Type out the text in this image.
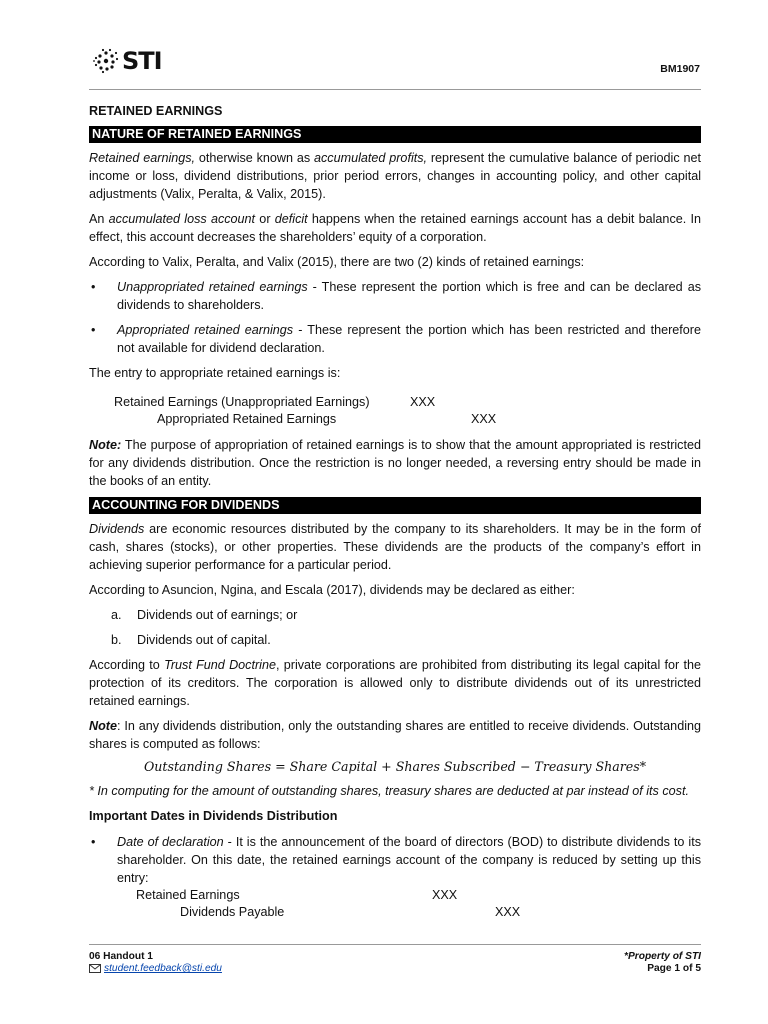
STI	BM1907

RETAINED EARNINGS

NATURE OF RETAINED EARNINGS

Retained earnings, otherwise known as accumulated profits, represent the cumulative balance of periodic net income or loss, dividend distributions, prior period errors, changes in accounting policy, and other capital adjustments (Valix, Peralta, & Valix, 2015).

An accumulated loss account or deficit happens when the retained earnings account has a debit balance. In effect, this account decreases the shareholders’ equity of a corporation.

According to Valix, Peralta, and Valix (2015), there are two (2) kinds of retained earnings:

•	Unappropriated retained earnings - These represent the portion which is free and can be declared as dividends to shareholders.
•	Appropriated retained earnings - These represent the portion which has been restricted and therefore not available for dividend declaration.

The entry to appropriate retained earnings is:

Retained Earnings (Unappropriated Earnings)	XXX
Appropriated Retained Earnings	XXX

Note: The purpose of appropriation of retained earnings is to show that the amount appropriated is restricted for any dividends distribution. Once the restriction is no longer needed, a reversing entry should be made in the books of an entity.

ACCOUNTING FOR DIVIDENDS

Dividends are economic resources distributed by the company to its shareholders. It may be in the form of cash, shares (stocks), or other properties. These dividends are the products of the company’s effort in achieving superior performance for a particular period.

According to Asuncion, Ngina, and Escala (2017), dividends may be declared as either:

a.	Dividends out of earnings; or
b.	Dividends out of capital.

According to Trust Fund Doctrine, private corporations are prohibited from distributing its legal capital for the protection of its creditors. The corporation is allowed only to distribute dividends out of its unrestricted retained earnings.

Note: In any dividends distribution, only the outstanding shares are entitled to receive dividends. Outstanding shares is computed as follows:

Outstanding Shares = Share Capital + Shares Subscribed − Treasury Shares*

* In computing for the amount of outstanding shares, treasury shares are deducted at par instead of its cost.

Important Dates in Dividends Distribution

•	Date of declaration - It is the announcement of the board of directors (BOD) to distribute dividends to its shareholder. On this date, the retained earnings account of the company is reduced by setting up this entry:
Retained Earnings	XXX
Dividends Payable	XXX
06 Handout 1
student.feedback@sti.edu
*Property of STI
Page 1 of 5
